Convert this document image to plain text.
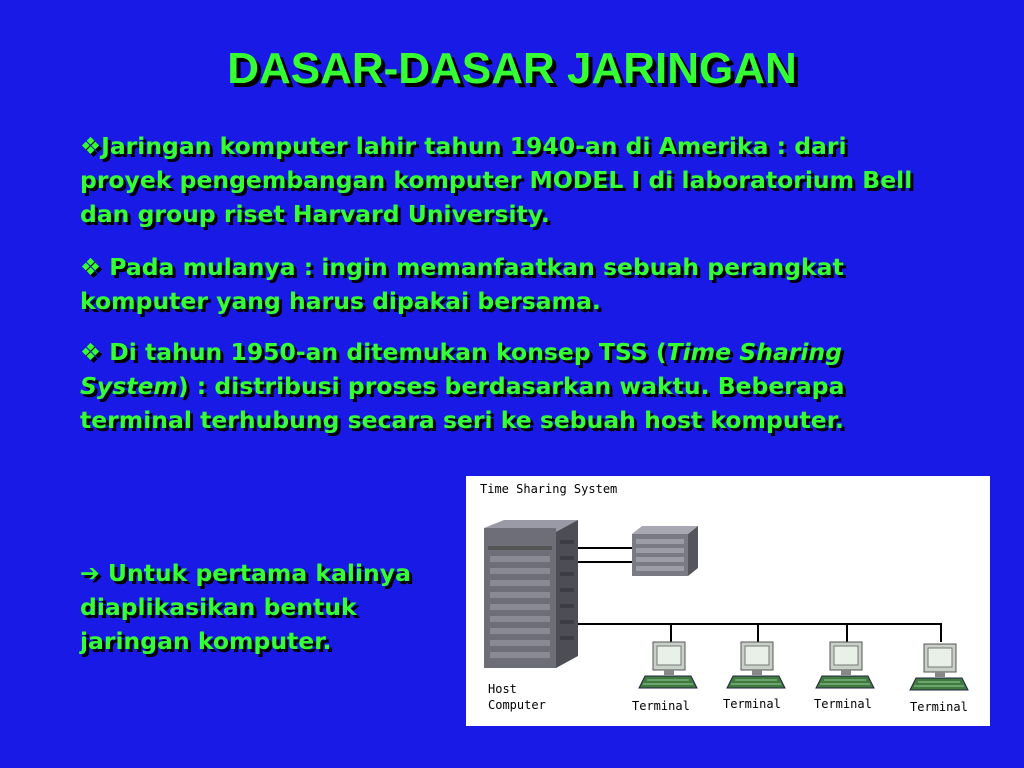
DASAR-DASAR JARINGAN
❖Jaringan komputer lahir tahun 1940-an di Amerika : dari proyek pengembangan komputer MODEL I di laboratorium Bell dan group riset Harvard University.
❖ Pada mulanya : ingin memanfaatkan sebuah perangkat komputer yang harus dipakai bersama.
❖ Di tahun 1950-an ditemukan konsep TSS (Time Sharing System) : distribusi proses berdasarkan waktu. Beberapa terminal terhubung secara seri ke sebuah host komputer.
➔ Untuk pertama kalinya diaplikasikan bentuk jaringan komputer.
Time Sharing System
Host
Computer	Terminal	Terminal	Terminal	Terminal
